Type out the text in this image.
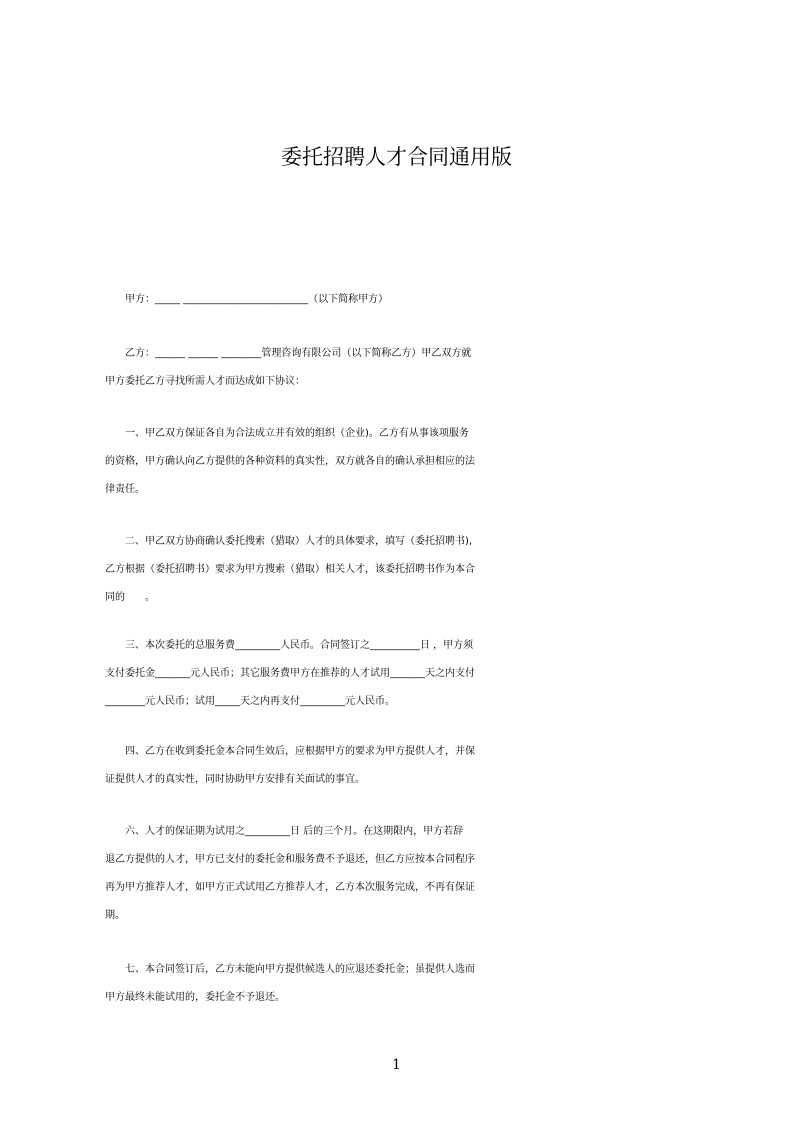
委托招聘人才合同通用版
　　甲方：_____ _________________________（以下简称甲方）
　　乙方：______ ______ ________管理咨询有限公司（以下简称乙方）甲乙双方就
甲方委托乙方寻找所需人才而达成如下协议：
　　一、甲乙双方保证各自为合法成立并有效的组织（企业)。乙方有从事该项服务
的资格，甲方确认向乙方提供的各种资料的真实性，双方就各自的确认承担相应的法
律责任。
　　二、甲乙双方协商确认委托搜索（猎取）人才的具体要求，填写（委托招聘书),
乙方根据（委托招聘书）要求为甲方搜索（猎取）相关人才，该委托招聘书作为本合
同的　　。
　　三、本次委托的总服务费_________人民币。合同签订之__________日 ，甲方须
支付委托金_______元人民币；其它服务费甲方在推荐的人才试用_______天之内支付
________元人民币；试用_____天之内再支付_________元人民币。
　　四、乙方在收到委托金本合同生效后，应根据甲方的要求为甲方提供人才，并保
证提供人才的真实性，同时协助甲方安排有关面试的事宜。
　　六、人才的保证期为试用之_________日 后的三个月。在这期限内，甲方若辞
退乙方提供的人才，甲方已支付的委托金和服务费不予退还，但乙方应按本合同程序
再为甲方推荐人才，如甲方正式试用乙方推荐人才，乙方本次服务完成，不再有保证
期。
　　七、本合同签订后，乙方未能向甲方提供候选人的应退还委托金；虽提供人选而
甲方最终未能试用的，委托金不予退还。
1
